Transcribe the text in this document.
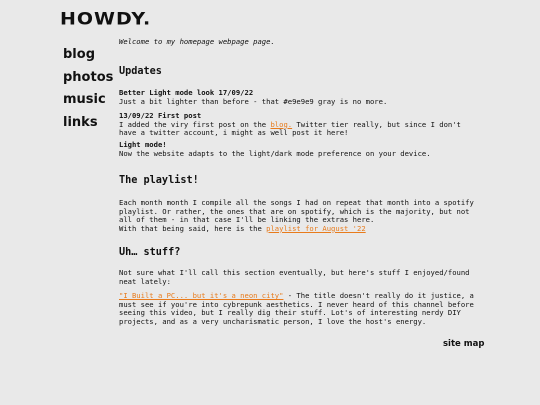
HOWDY.
blog
photos
music
links

Welcome to my homepage webpage page.

Updates

Better Light mode look 17/09/22

Just a bit lighter than before - that #e9e9e9 gray is no more.

13/09/22 First post

I added the viry first post on the blog. Twitter tier really, but since I don't have a twitter account, i might as well post it here!

Light mode!

Now the website adapts to the light/dark mode preference on your device.

The playlist!

Each month month I compile all the songs I had on repeat that month into a spotify playlist. Or rather, the ones that are on spotify, which is the majority, but not all of them - in that case I'll be linking the extras here.

With that being said, here is the playlist for August '22

Uh… stuff?

Not sure what I'll call this section eventually, but here's stuff I enjoyed/found neat lately:

"I Built a PC... but it's a neon city" - The title doesn't really do it justice, a must see if you're into cybrepunk aesthetics. I never heard of this channel before seeing this video, but I really dig their stuff. Lot's of interesting nerdy DIY projects, and as a very uncharismatic person, I love the host's energy.

site map
